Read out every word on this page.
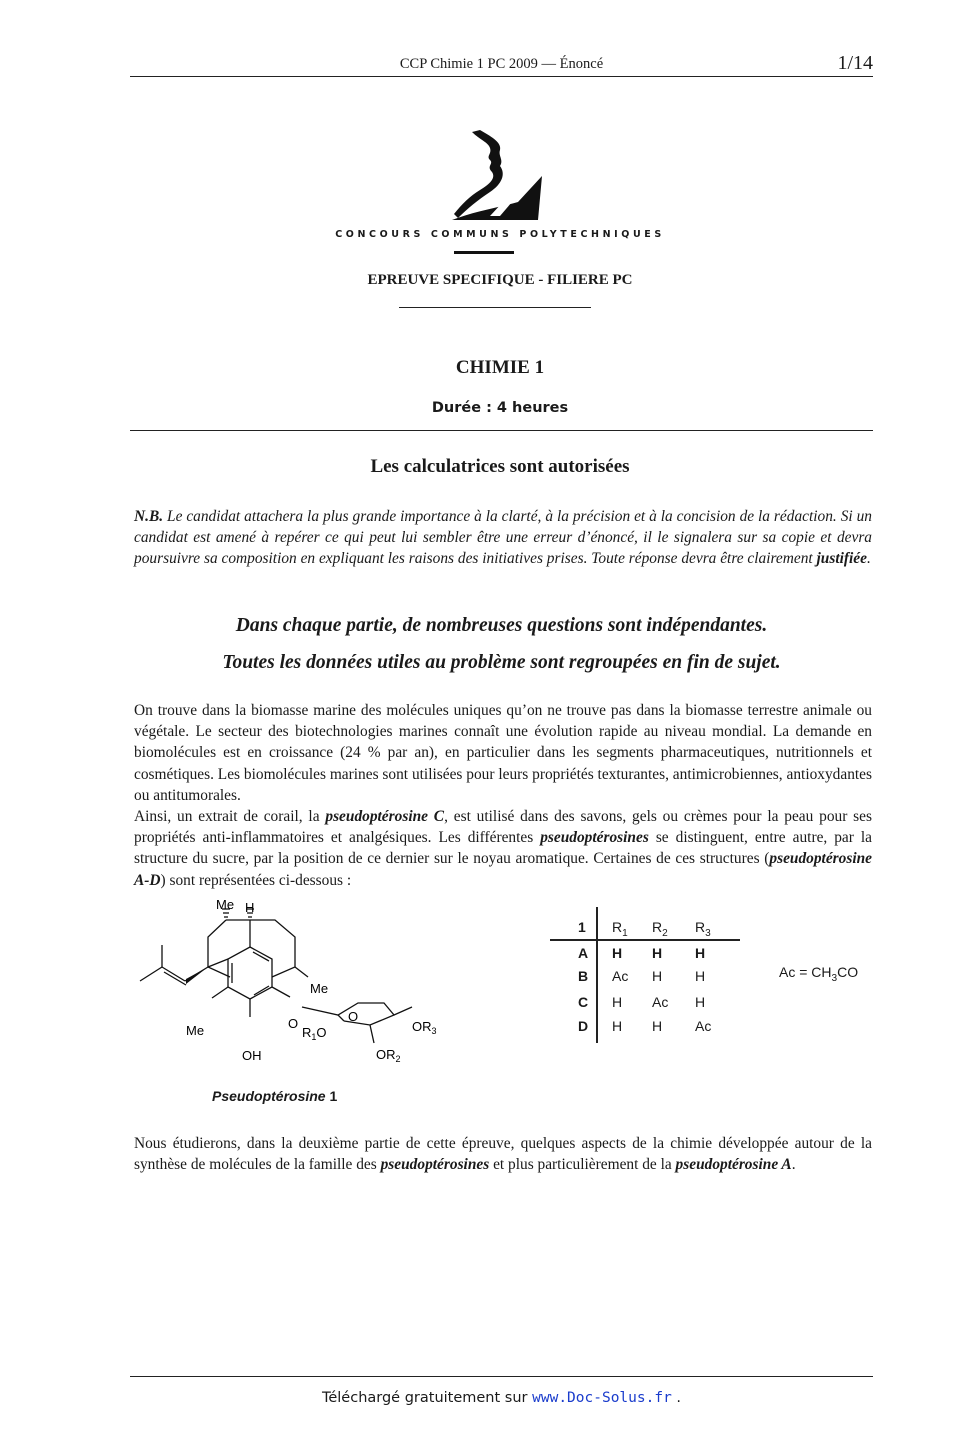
CCP Chimie 1 PC 2009 — Énoncé	1/14
CONCOURS COMMUNS POLYTECHNIQUES
EPREUVE SPECIFIQUE - FILIERE PC
CHIMIE 1
Durée : 4 heures
Les calculatrices sont autorisées
N.B. Le candidat attachera la plus grande importance à la clarté, à la précision et à la concision de la rédaction. Si un candidat est amené à repérer ce qui peut lui sembler être une erreur d’énoncé, il le signalera sur sa copie et devra poursuivre sa composition en expliquant les raisons des initiatives prises. Toute réponse devra être clairement justifiée.
Dans chaque partie, de nombreuses questions sont indépendantes.
Toutes les données utiles au problème sont regroupées en fin de sujet.

On trouve dans la biomasse marine des molécules uniques qu’on ne trouve pas dans la biomasse terrestre animale ou végétale. Le secteur des biotechnologies marines connaît une évolution rapide au niveau mondial. La demande en biomolécules est en croissance (24 % par an), en particulier dans les segments pharmaceutiques, nutritionnels et cosmétiques. Les biomolécules marines sont utilisées pour leurs propriétés texturantes, antimicrobiennes, antioxydantes ou antitumorales.

Ainsi, un extrait de corail, la pseudoptérosine C, est utilisé dans des savons, gels ou crèmes pour la peau pour ses propriétés anti-inflammatoires et analgésiques. Les différentes pseudoptérosines se distinguent, entre autre, par la structure du sucre, par la position de ce dernier sur le noyau aromatique. Certaines de ces structures (pseudoptérosine A-D) sont représentées ci-dessous :

Me H
Me
Me
OH
O
$R_1O$
O
$OR_3$
$OR_2$
Pseudoptérosine 1
1 $R_1$ $R_2$ $R_3$
A H H H
B Ac H H
C H Ac H
D H H Ac
$Ac = CH_3CO$
Nous étudierons, dans la deuxième partie de cette épreuve, quelques aspects de la chimie développée autour de la synthèse de molécules de la famille des pseudoptérosines et plus particulièrement de la pseudoptérosine A.
Téléchargé gratuitement sur www.Doc-Solus.fr .
